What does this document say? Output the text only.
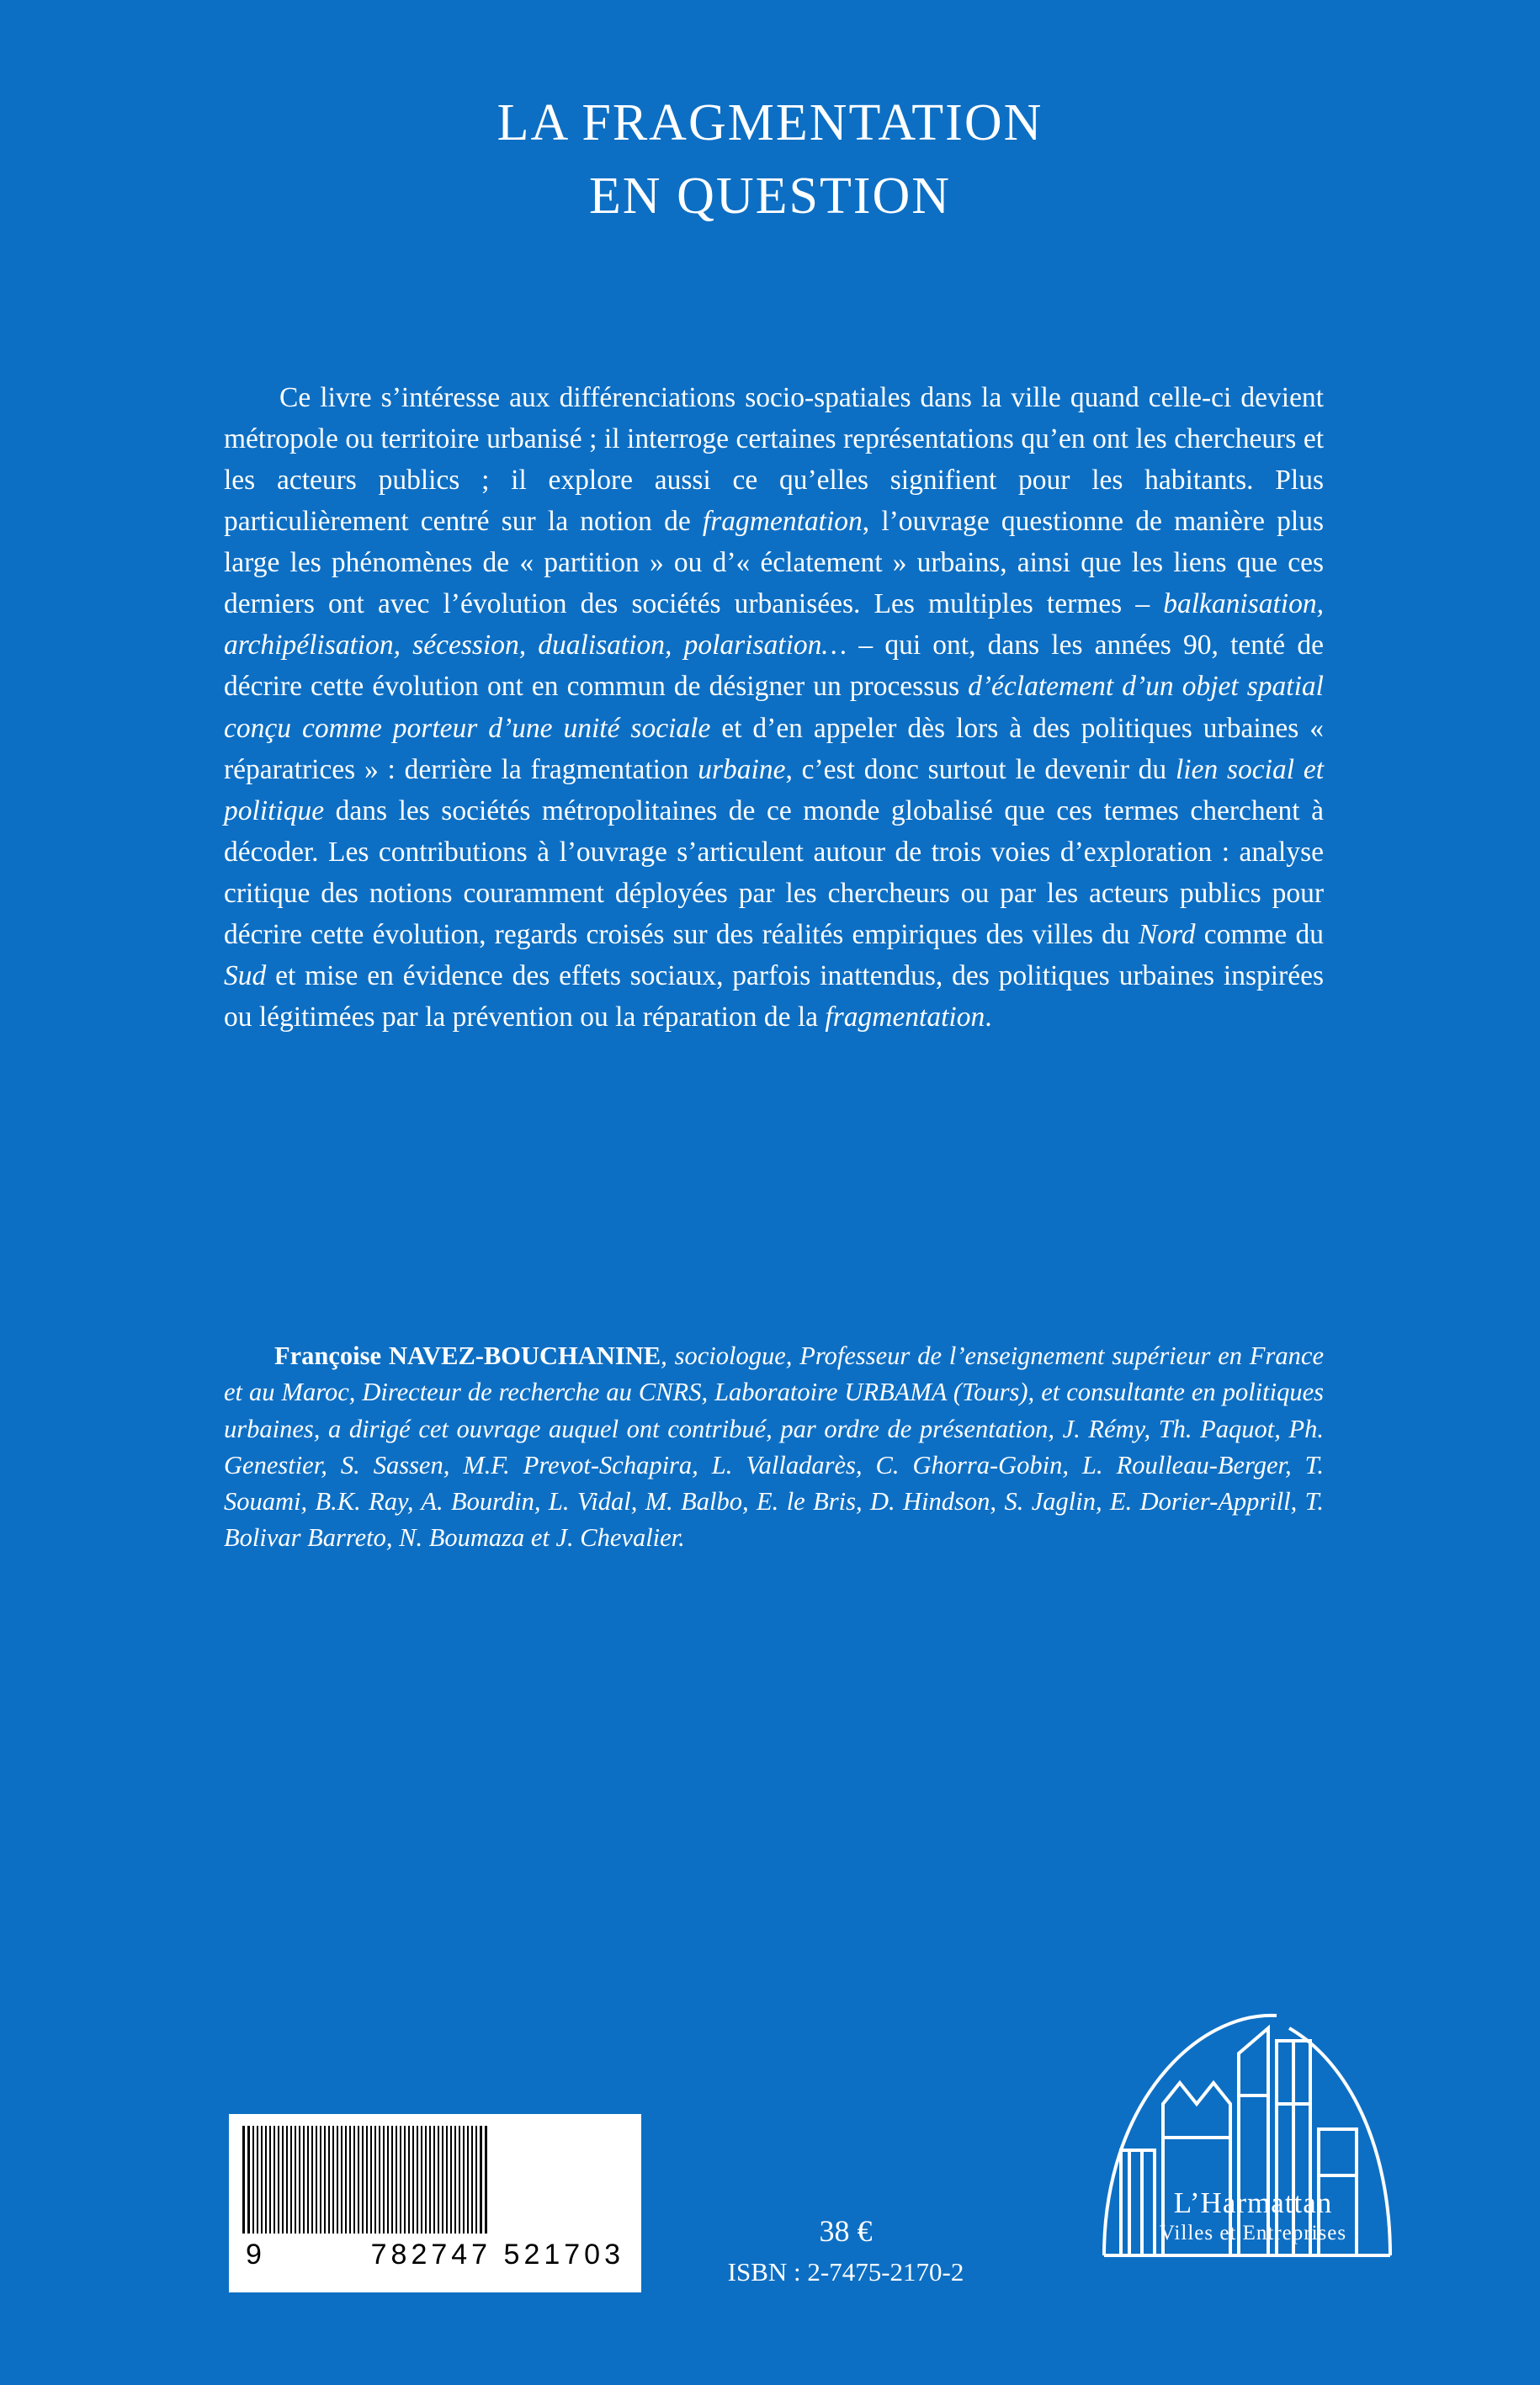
LA FRAGMENTATION
EN QUESTION

Ce livre s’intéresse aux différenciations socio-spatiales dans la ville quand celle-ci devient métropole ou territoire urbanisé ; il interroge certaines représentations qu’en ont les chercheurs et les acteurs publics ; il explore aussi ce qu’elles signifient pour les habitants. Plus particulièrement centré sur la notion de fragmentation, l’ouvrage questionne de manière plus large les phénomènes de « partition » ou d’« éclatement » urbains, ainsi que les liens que ces derniers ont avec l’évolution des sociétés urbanisées. Les multiples termes – balkanisation, archipélisation, sécession, dualisation, polarisation… – qui ont, dans les années 90, tenté de décrire cette évolution ont en commun de désigner un processus d’éclatement d’un objet spatial conçu comme porteur d’une unité sociale et d’en appeler dès lors à des politiques urbaines « réparatrices » : derrière la fragmentation urbaine, c’est donc surtout le devenir du lien social et politique dans les sociétés métropolitaines de ce monde globalisé que ces termes cherchent à décoder. Les contributions à l’ouvrage s’articulent autour de trois voies d’exploration : analyse critique des notions couramment déployées par les chercheurs ou par les acteurs publics pour décrire cette évolution, regards croisés sur des réalités empiriques des villes du Nord comme du Sud et mise en évidence des effets sociaux, parfois inattendus, des politiques urbaines inspirées ou légitimées par la prévention ou la réparation de la fragmentation.

Françoise NAVEZ-BOUCHANINE, sociologue, Professeur de l’enseignement supérieur en France et au Maroc, Directeur de recherche au CNRS, Laboratoire URBAMA (Tours), et consultante en politiques urbaines, a dirigé cet ouvrage auquel ont contribué, par ordre de présentation, J. Rémy, Th. Paquot, Ph. Genestier, S. Sassen, M.F. Prevot-Schapira, L. Valladarès, C. Ghorra-Gobin, L. Roulleau-Berger, T. Souami, B.K. Ray, A. Bourdin, L. Vidal, M. Balbo, E. le Bris, D. Hindson, S. Jaglin, E. Dorier-Apprill, T. Bolivar Barreto, N. Boumaza et J. Chevalier.

9	782747 521703
38 €
ISBN : 2-7475-2170-2
L’Harmattan
Villes et Entreprises
